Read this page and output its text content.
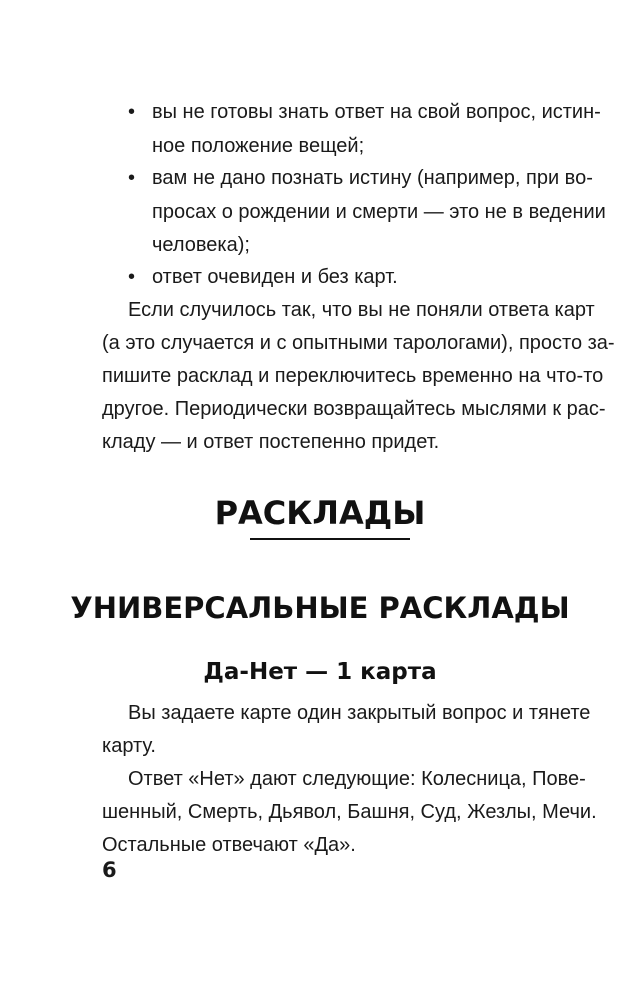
• вы не готовы знать ответ на свой вопрос, истин-
ное положение вещей;
• вам не дано познать истину (например, при во-
просах о рождении и смерти — это не в ведении
человека);
• ответ очевиден и без карт.
Если случилось так, что вы не поняли ответа карт
(а это случается и с опытными тарологами), просто за-
пишите расклад и переключитесь временно на что-то
другое. Периодически возвращайтесь мыслями к рас-
кладу — и ответ постепенно придет.
РАСКЛАДЫ
УНИВЕРСАЛЬНЫЕ РАСКЛАДЫ
Да-Нет — 1 карта
Вы задаете карте один закрытый вопрос и тянете
карту.
Ответ «Нет» дают следующие: Колесница, Пове-
шенный, Смерть, Дьявол, Башня, Суд, Жезлы, Мечи.
Остальные отвечают «Да».
6
